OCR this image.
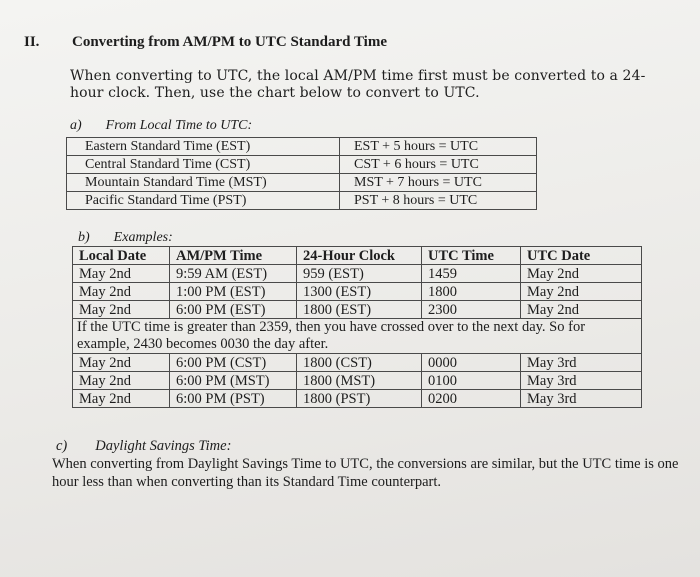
II. Converting from AM/PM to UTC Standard Time
When converting to UTC, the local AM/PM time first must be converted to a 24-hour clock. Then, use the chart below to convert to UTC.
a) From Local Time to UTC:
Eastern Standard Time (EST)	EST + 5 hours = UTC
Central Standard Time (CST)	CST + 6 hours = UTC
Mountain Standard Time (MST)	MST + 7 hours = UTC
Pacific Standard Time (PST)	PST + 8 hours = UTC
b) Examples:
Local Date	AM/PM Time	24-Hour Clock	UTC Time	UTC Date
May 2nd	9:59 AM (EST)	959 (EST)	1459	May 2nd
May 2nd	1:00 PM (EST)	1300 (EST)	1800	May 2nd
May 2nd	6:00 PM (EST)	1800 (EST)	2300	May 2nd
If the UTC time is greater than 2359, then you have crossed over to the next day. So for example, 2430 becomes 0030 the day after.				
May 2nd	6:00 PM (CST)	1800 (CST)	0000	May 3rd
May 2nd	6:00 PM (MST)	1800 (MST)	0100	May 3rd
May 2nd	6:00 PM (PST)	1800 (PST)	0200	May 3rd
c) Daylight Savings Time:
When converting from Daylight Savings Time to UTC, the conversions are similar, but the UTC time is one hour less than when converting than its Standard Time counterpart.
